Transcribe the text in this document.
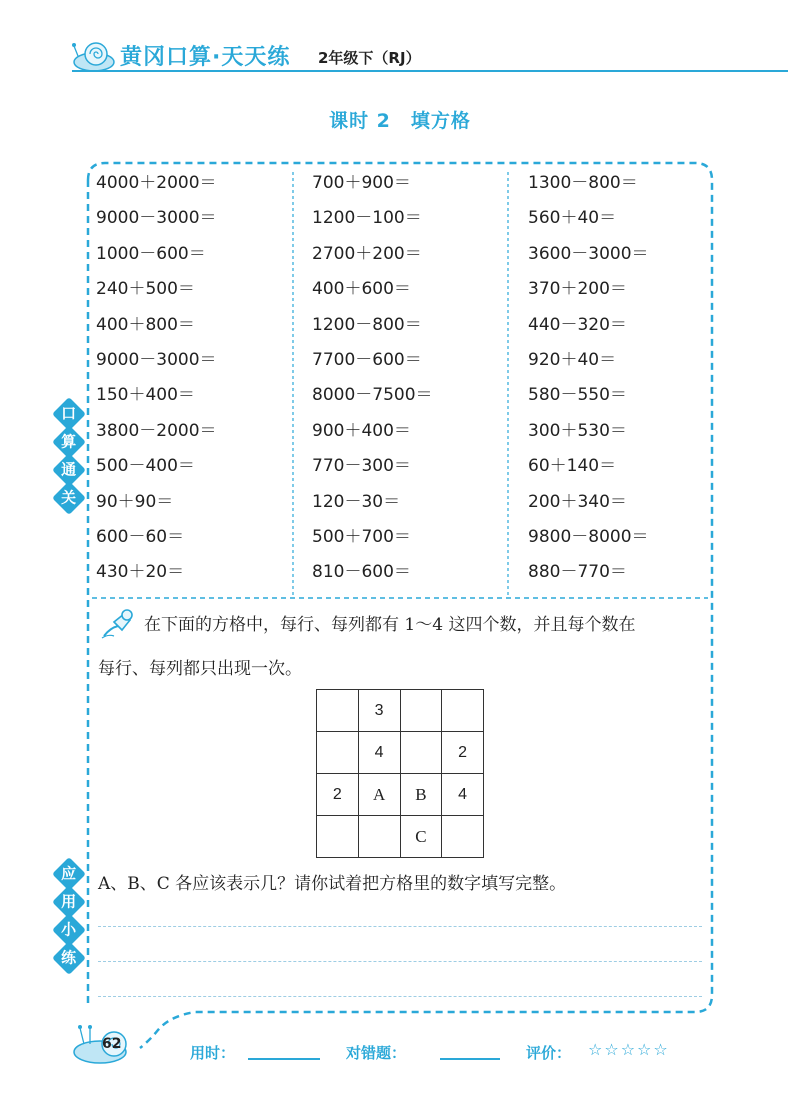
黄冈口算·天天练 2年级下（RJ）
课时 2 填方格
口
算
通
关
应
用
小
练
4000＋2000＝
9000－3000＝
1000－600＝
240＋500＝
400＋800＝
9000－3000＝
150＋400＝
3800－2000＝
500－400＝
90＋90＝
600－60＝
430＋20＝
700＋900＝
1200－100＝
2700＋200＝
400＋600＝
1200－800＝
7700－600＝
8000－7500＝
900＋400＝
770－300＝
120－30＝
500＋700＝
810－600＝
1300－800＝
560＋40＝
3600－3000＝
370＋200＝
440－320＝
920＋40＝
580－550＝
300＋530＝
60＋140＝
200＋340＝
9800－8000＝
880－770＝
在下面的方格中，每行、每列都有 1～4 这四个数，并且每个数在
每行、每列都只出现一次。
	3		
	4		2
2	A	B	4
		C	
A、B、C 各应该表示几？请你试着把方格里的数字填写完整。
62	用时：	对错题：	评价： ☆☆☆☆☆
